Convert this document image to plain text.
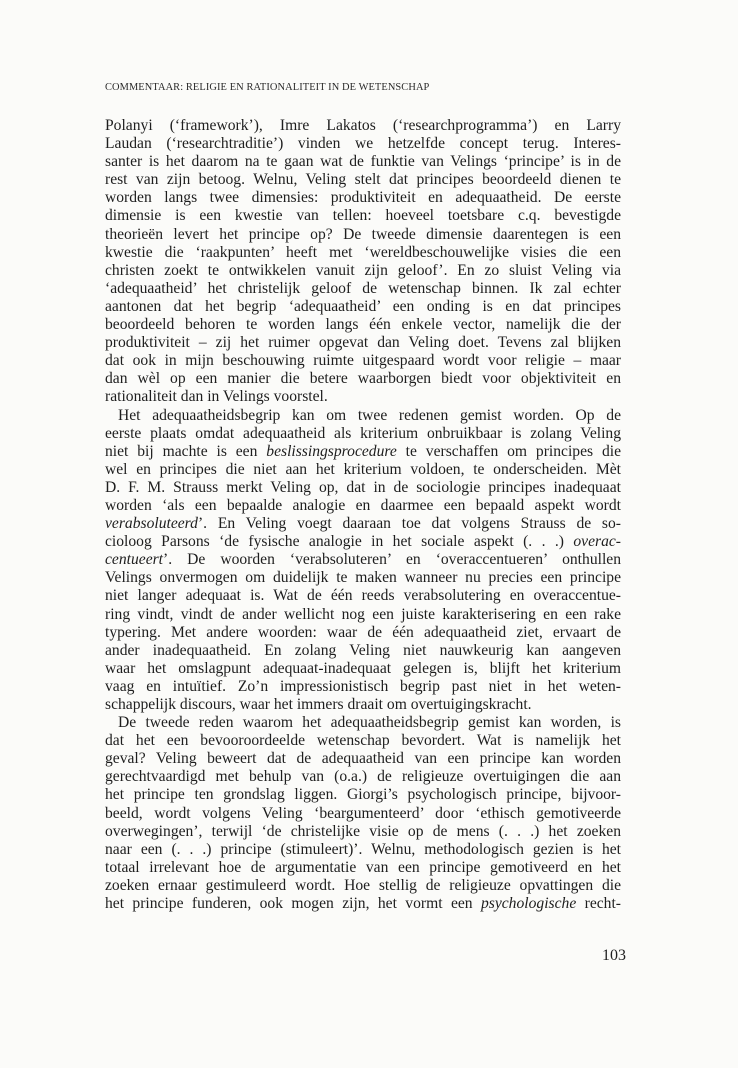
COMMENTAAR: RELIGIE EN RATIONALITEIT IN DE WETENSCHAP
Polanyi (‘framework’), Imre Lakatos (‘researchprogramma’) en Larry
Laudan (‘researchtraditie’) vinden we hetzelfde concept terug. Interes-
santer is het daarom na te gaan wat de funktie van Velings ‘principe’ is in de
rest van zijn betoog. Welnu, Veling stelt dat principes beoordeeld dienen te
worden langs twee dimensies: produktiviteit en adequaatheid. De eerste
dimensie is een kwestie van tellen: hoeveel toetsbare c.q. bevestigde
theorieën levert het principe op? De tweede dimensie daarentegen is een
kwestie die ‘raakpunten’ heeft met ‘wereldbeschouwelijke visies die een
christen zoekt te ontwikkelen vanuit zijn geloof’. En zo sluist Veling via
‘adequaatheid’ het christelijk geloof de wetenschap binnen. Ik zal echter
aantonen dat het begrip ‘adequaatheid’ een onding is en dat principes
beoordeeld behoren te worden langs één enkele vector, namelijk die der
produktiviteit – zij het ruimer opgevat dan Veling doet. Tevens zal blijken
dat ook in mijn beschouwing ruimte uitgespaard wordt voor religie – maar
dan wèl op een manier die betere waarborgen biedt voor objektiviteit en
rationaliteit dan in Velings voorstel.
Het adequaatheidsbegrip kan om twee redenen gemist worden. Op de
eerste plaats omdat adequaatheid als kriterium onbruikbaar is zolang Veling
niet bij machte is een beslissingsprocedure te verschaffen om principes die
wel en principes die niet aan het kriterium voldoen, te onderscheiden. Mèt
D. F. M. Strauss merkt Veling op, dat in de sociologie principes inadequaat
worden ‘als een bepaalde analogie en daarmee een bepaald aspekt wordt
verabsoluteerd’. En Veling voegt daaraan toe dat volgens Strauss de so-
cioloog Parsons ‘de fysische analogie in het sociale aspekt (. . .) overac-
centueert’. De woorden ‘verabsoluteren’ en ‘overaccentueren’ onthullen
Velings onvermogen om duidelijk te maken wanneer nu precies een principe
niet langer adequaat is. Wat de één reeds verabsolutering en overaccentue-
ring vindt, vindt de ander wellicht nog een juiste karakterisering en een rake
typering. Met andere woorden: waar de één adequaatheid ziet, ervaart de
ander inadequaatheid. En zolang Veling niet nauwkeurig kan aangeven
waar het omslagpunt adequaat-inadequaat gelegen is, blijft het kriterium
vaag en intuïtief. Zo’n impressionistisch begrip past niet in het weten-
schappelijk discours, waar het immers draait om overtuigingskracht.
De tweede reden waarom het adequaatheidsbegrip gemist kan worden, is
dat het een bevooroordeelde wetenschap bevordert. Wat is namelijk het
geval? Veling beweert dat de adequaatheid van een principe kan worden
gerechtvaardigd met behulp van (o.a.) de religieuze overtuigingen die aan
het principe ten grondslag liggen. Giorgi’s psychologisch principe, bijvoor-
beeld, wordt volgens Veling ‘beargumenteerd’ door ‘ethisch gemotiveerde
overwegingen’, terwijl ‘de christelijke visie op de mens (. . .) het zoeken
naar een (. . .) principe (stimuleert)’. Welnu, methodologisch gezien is het
totaal irrelevant hoe de argumentatie van een principe gemotiveerd en het
zoeken ernaar gestimuleerd wordt. Hoe stellig de religieuze opvattingen die
het principe funderen, ook mogen zijn, het vormt een psychologische recht-
103
